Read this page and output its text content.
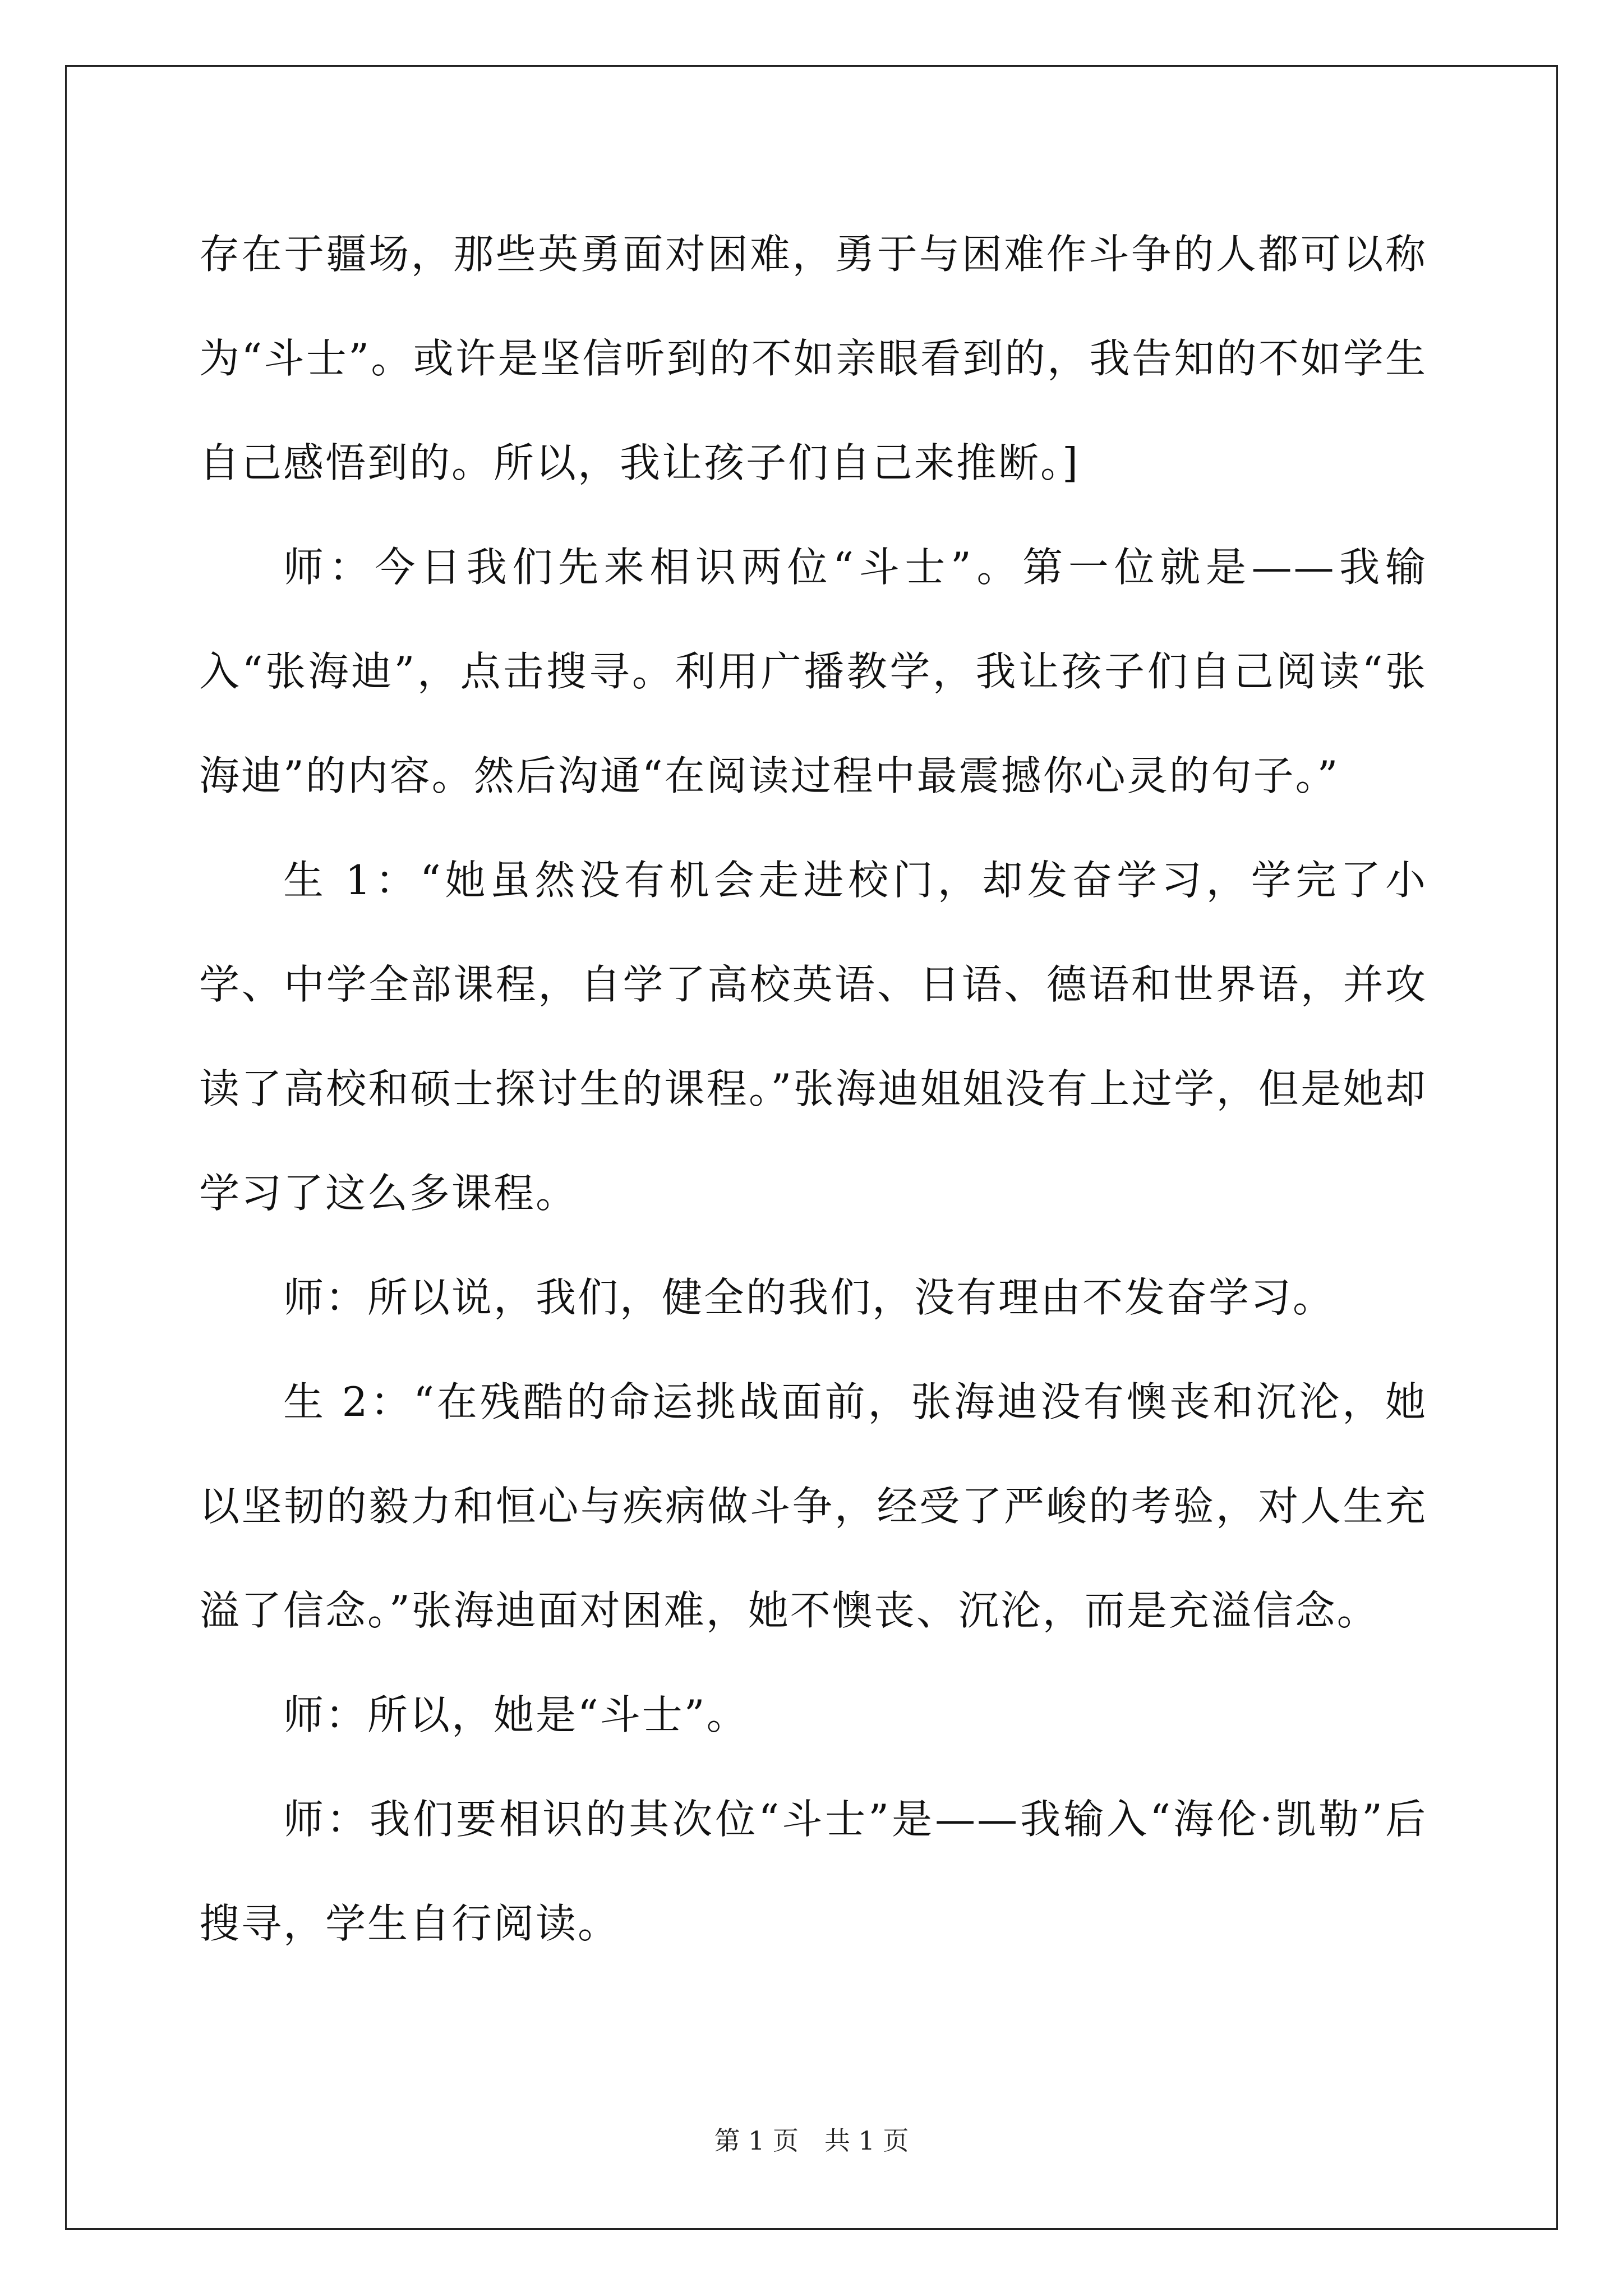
存在于疆场，那些英勇面对困难，勇于与困难作斗争的人都可以称为“斗士”。或许是坚信听到的不如亲眼看到的，我告知的不如学生自己感悟到的。所以，我让孩子们自己来推断。]

师：今日我们先来相识两位“斗士”。第一位就是——我输入“张海迪”，点击搜寻。利用广播教学，我让孩子们自己阅读“张海迪”的内容。然后沟通“在阅读过程中最震撼你心灵的句子。”

生 1：“她虽然没有机会走进校门，却发奋学习，学完了小学、中学全部课程，自学了高校英语、日语、德语和世界语，并攻读了高校和硕士探讨生的课程。”张海迪姐姐没有上过学，但是她却学习了这么多课程。

师：所以说，我们，健全的我们，没有理由不发奋学习。

生 2：“在残酷的命运挑战面前，张海迪没有懊丧和沉沦，她以坚韧的毅力和恒心与疾病做斗争，经受了严峻的考验，对人生充溢了信念。”张海迪面对困难，她不懊丧、沉沦，而是充溢信念。

师：所以，她是“斗士”。

师：我们要相识的其次位“斗士”是——我输入“海伦·凯勒”后搜寻，学生自行阅读。

第 1 页 共 1 页
